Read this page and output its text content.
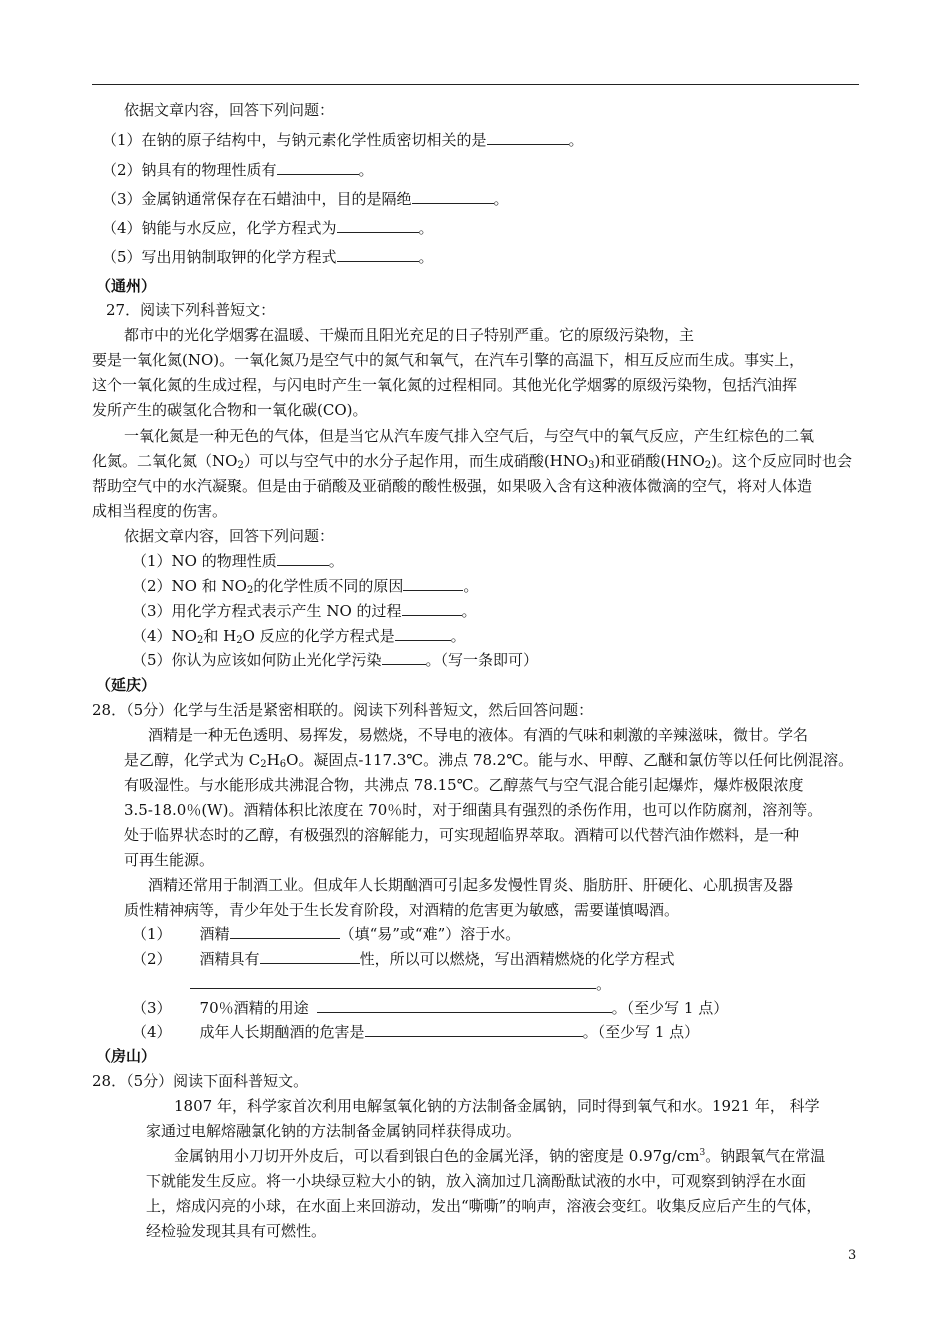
依据文章内容，回答下列问题：
（1）在钠的原子结构中，与钠元素化学性质密切相关的是	。
（2）钠具有的物理性质有	。
（3）金属钠通常保存在石蜡油中，目的是隔绝	。
（4）钠能与水反应，化学方程式为	。
（5）写出用钠制取钾的化学方程式	。
（通州）
27．阅读下列科普短文：
都市中的光化学烟雾在温暖、干燥而且阳光充足的日子特别严重。它的原级污染物，主
要是一氧化氮(NO)。一氧化氮乃是空气中的氮气和氧气，在汽车引擎的高温下，相互反应而生成。事实上，
这个一氧化氮的生成过程，与闪电时产生一氧化氮的过程相同。其他光化学烟雾的原级污染物，包括汽油挥
发所产生的碳氢化合物和一氧化碳(CO)。
一氧化氮是一种无色的气体，但是当它从汽车废气排入空气后，与空气中的氧气反应，产生红棕色的二氧
化氮。二氧化氮$(NO_2)$可以与空气中的水分子起作用，而生成硝酸$(HNO_3)$和亚硝酸$(HNO_2)$。这个反应同时也会
帮助空气中的水汽凝聚。但是由于硝酸及亚硝酸的酸性极强，如果吸入含有这种液体微滴的空气，将对人体造
成相当程度的伤害。
依据文章内容，回答下列问题：
（1）NO 的物理性质	。
（2）NO 和 $NO_2$的化学性质不同的原因	。
（3）用化学方程式表示产生 NO 的过程	。
$(4)NO_2$和 $H_2O$ 反应的化学方程式是	。
（5）你认为应该如何防止光化学污染	。（写一条即可）
（延庆）
28．（5分）化学与生活是紧密相联的。阅读下列科普短文，然后回答问题：
酒精是一种无色透明、易挥发，易燃烧，不导电的液体。有酒的气味和刺激的辛辣滋味，微甘。学名
是乙醇，化学式为 $C_2H_6O$。凝固点-117.3℃。沸点 78.2℃。能与水、甲醇、乙醚和氯仿等以任何比例混溶。
有吸湿性。与水能形成共沸混合物，共沸点 78.15℃。乙醇蒸气与空气混合能引起爆炸，爆炸极限浓度
3.5-18.0％(W)。酒精体积比浓度在 70％时，对于细菌具有强烈的杀伤作用，也可以作防腐剂，溶剂等。
处于临界状态时的乙醇，有极强烈的溶解能力，可实现超临界萃取。酒精可以代替汽油作燃料，是一种
可再生能源。
酒精还常用于制酒工业。但成年人长期酗酒可引起多发慢性胃炎、脂肪肝、肝硬化、心肌损害及器
质性精神病等，青少年处于生长发育阶段，对酒精的危害更为敏感，需要谨慎喝酒。
（1） 酒精	（填“易”或“难”）溶于水。
（2） 酒精具有	性，所以可以燃烧，写出酒精燃烧的化学方程式
。
（3） 70％酒精的用途	。（至少写 1 点）
（4） 成年人长期酗酒的危害是	。（至少写 1 点）
（房山）
28．（5分）阅读下面科普短文。
1807 年，科学家首次利用电解氢氧化钠的方法制备金属钠，同时得到氧气和水。1921 年， 科学
家通过电解熔融氯化钠的方法制备金属钠同样获得成功。
金属钠用小刀切开外皮后，可以看到银白色的金属光泽，钠的密度是 $0.97g/cm^3$。钠跟氧气在常温
下就能发生反应。将一小块绿豆粒大小的钠，放入滴加过几滴酚酞试液的水中，可观察到钠浮在水面
上，熔成闪亮的小球，在水面上来回游动，发出“嘶嘶”的响声，溶液会变红。收集反应后产生的气体，
经检验发现其具有可燃性。
3
